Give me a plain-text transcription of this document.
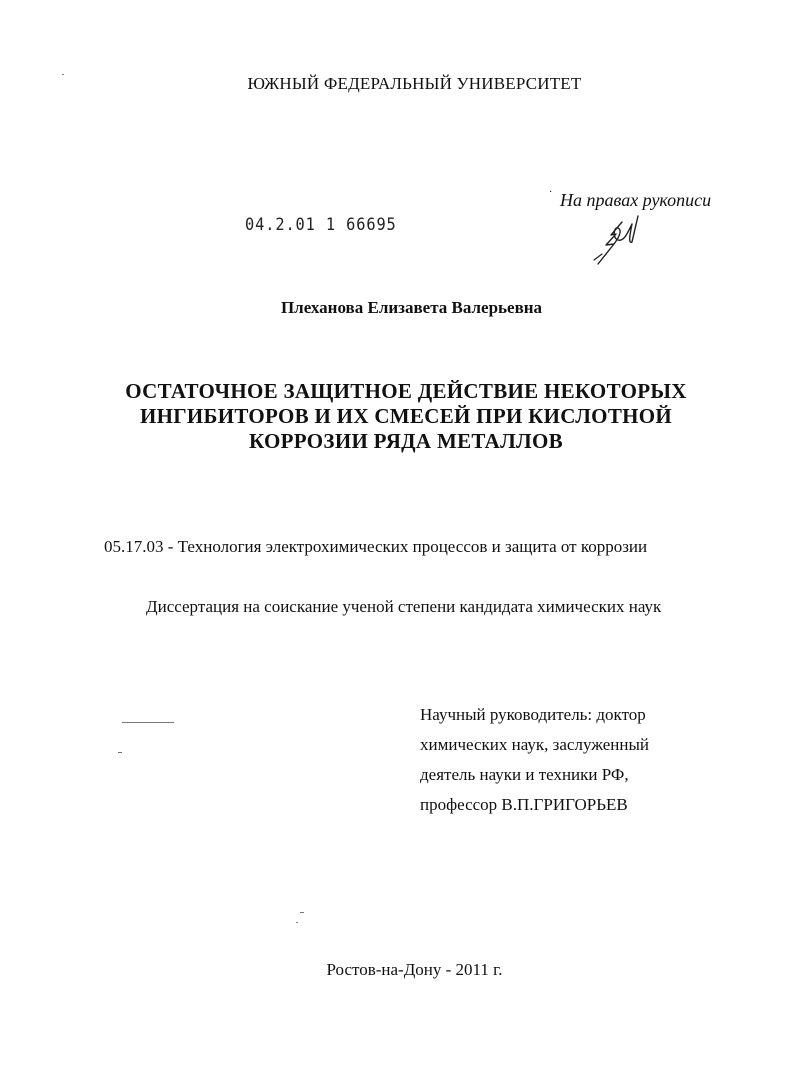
ЮЖНЫЙ ФЕДЕРАЛЬНЫЙ УНИВЕРСИТЕТ
· На правах рукописи
04.2.01 1 66695
Плеханова Елизавета Валерьевна
ОСТАТОЧНОЕ ЗАЩИТНОЕ ДЕЙСТВИЕ НЕКОТОРЫХ
ИНГИБИТОРОВ И ИХ СМЕСЕЙ ПРИ КИСЛОТНОЙ
КОРРОЗИИ РЯДА МЕТАЛЛОВ
05.17.03 - Технология электрохимических процессов и защита от коррозии
Диссертация на соискание ученой степени кандидата химических наук
Научный руководитель: доктор
химических наук, заслуженный
деятель науки и техники РФ,
профессор В.П.ГРИГОРЬЕВ
Ростов-на-Дону - 2011 г.
